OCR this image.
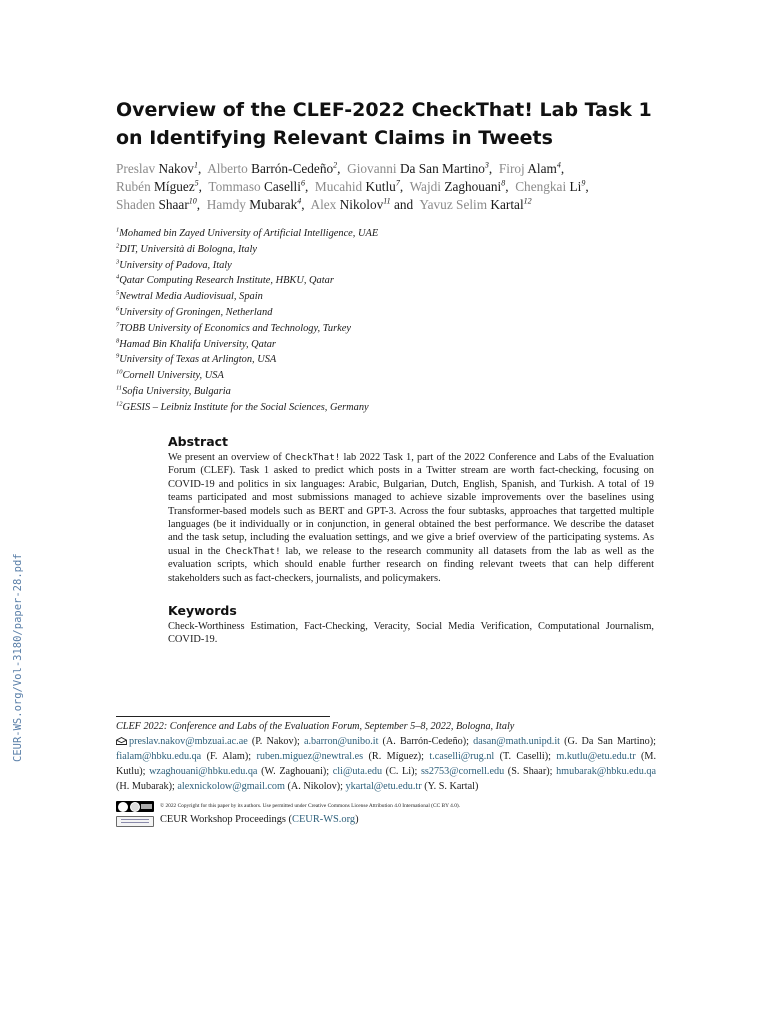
CEUR-WS.org/Vol-3180/paper-28.pdf
Overview of the CLEF-2022 CheckThat! Lab Task 1
on Identifying Relevant Claims in Tweets
Preslav Nakov$^1$,  Alberto Barrón-Cedeño$^2$,  Giovanni Da San Martino$^3$,  Firoj Alam$^4$,
Rubén Míguez$^5$,  Tommaso Caselli$^6$,  Mucahid Kutlu$^7$,  Wajdi Zaghouani$^8$,  Chengkai Li$^9$,
Shaden Shaar$^{10}$,  Hamdy Mubarak$^4$,  Alex Nikolov$^{11}$ and  Yavuz Selim Kartal$^{12}$
$^1$Mohamed bin Zayed University of Artificial Intelligence, UAE
$^2$DIT, Università di Bologna, Italy
$^3$University of Padova, Italy
$^4$Qatar Computing Research Institute, HBKU, Qatar
$^5$Newtral Media Audiovisual, Spain
$^6$University of Groningen, Netherland
$^7$TOBB University of Economics and Technology, Turkey
$^8$Hamad Bin Khalifa University, Qatar
$^9$University of Texas at Arlington, USA
$^{10}$Cornell University, USA
$^{11}$Sofia University, Bulgaria
$^{12}$GESIS – Leibniz Institute for the Social Sciences, Germany
Abstract
We present an overview of CheckThat! lab 2022 Task 1, part of the 2022 Conference and Labs of the Evaluation Forum (CLEF). Task 1 asked to predict which posts in a Twitter stream are worth fact-checking, focusing on COVID-19 and politics in six languages: Arabic, Bulgarian, Dutch, English, Spanish, and Turkish. A total of 19 teams participated and most submissions managed to achieve sizable improvements over the baselines using Transformer-based models such as BERT and GPT-3. Across the four subtasks, approaches that targetted multiple languages (be it individually or in conjunction, in general obtained the best performance. We describe the dataset and the task setup, including the evaluation settings, and we give a brief overview of the participating systems. As usual in the CheckThat! lab, we release to the research community all datasets from the lab as well as the evaluation scripts, which should enable further research on finding relevant tweets that can help different stakeholders such as fact-checkers, journalists, and policymakers.
Keywords
Check-Worthiness Estimation, Fact-Checking, Veracity, Social Media Verification, Computational Journalism, COVID-19.
CLEF 2022: Conference and Labs of the Evaluation Forum, September 5–8, 2022, Bologna, Italy
preslav.nakov@mbzuai.ac.ae (P. Nakov); a.barron@unibo.it (A. Barrón-Cedeño); dasan@math.unipd.it (G. Da San Martino); fialam@hbku.edu.qa (F. Alam); ruben.miguez@newtral.es (R. Míguez); t.caselli@rug.nl (T. Caselli); m.kutlu@etu.edu.tr (M. Kutlu); wzaghouani@hbku.edu.qa (W. Zaghouani); cli@uta.edu (C. Li); ss2753@cornell.edu (S. Shaar); hmubarak@hbku.edu.qa (H. Mubarak); alexnickolow@gmail.com (A. Nikolov); ykartal@etu.edu.tr (Y. S. Kartal)
© 2022 Copyright for this paper by its authors. Use permitted under Creative Commons License Attribution 4.0 International (CC BY 4.0).
CEUR Workshop Proceedings (CEUR-WS.org)
